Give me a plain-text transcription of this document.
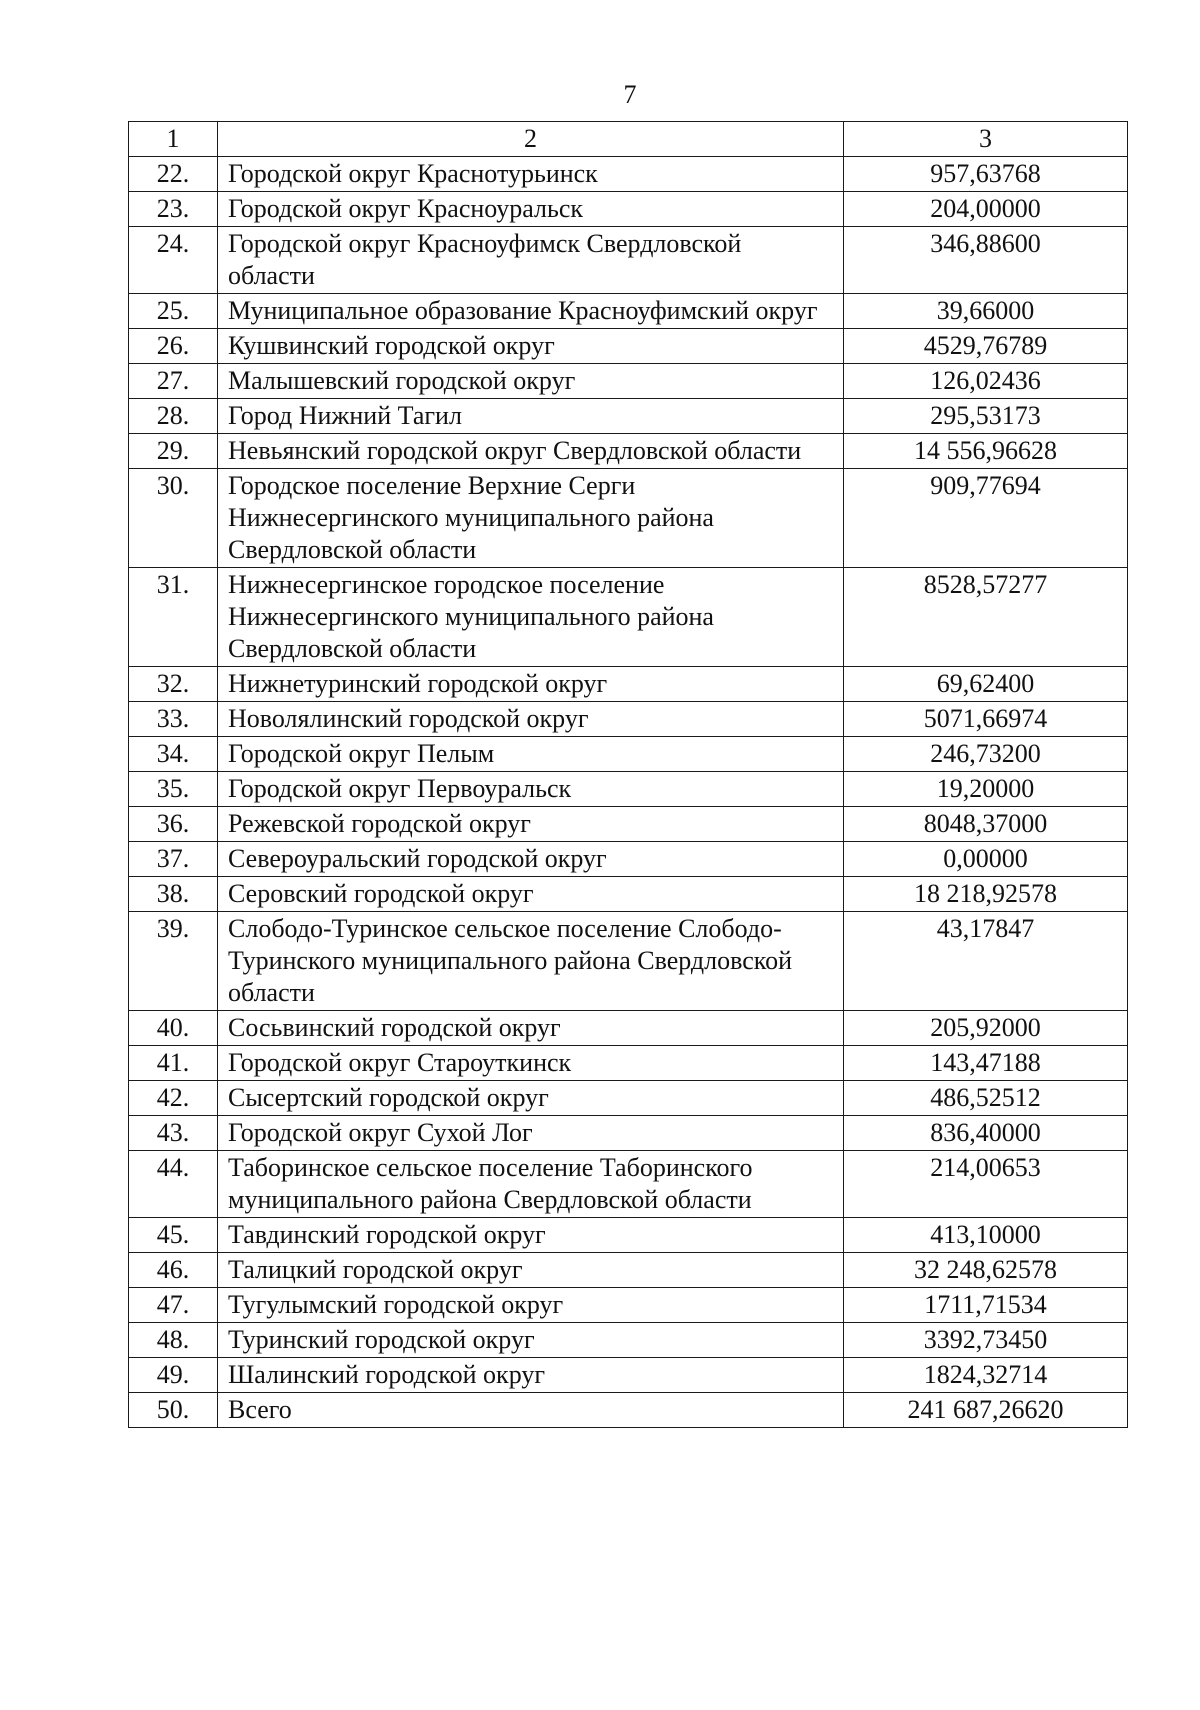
7
1	2	3
22.	Городской округ Краснотурьинск	957,63768
23.	Городской округ Красноуральск	204,00000
24.	Городской округ Красноуфимск Свердловской области	346,88600
25.	Муниципальное образование Красноуфимский округ	39,66000
26.	Кушвинский городской округ	4529,76789
27.	Малышевский городской округ	126,02436
28.	Город Нижний Тагил	295,53173
29.	Невьянский городской округ Свердловской области	14 556,96628
30.	Городское поселение Верхние Серги Нижнесергинского муниципального района Свердловской области	909,77694
31.	Нижнесергинское городское поселение Нижнесергинского муниципального района Свердловской области	8528,57277
32.	Нижнетуринский городской округ	69,62400
33.	Новолялинский городской округ	5071,66974
34.	Городской округ Пелым	246,73200
35.	Городской округ Первоуральск	19,20000
36.	Режевской городской округ	8048,37000
37.	Североуральский городской округ	0,00000
38.	Серовский городской округ	18 218,92578
39.	Слободо-Туринское сельское поселение Слободо-Туринского муниципального района Свердловской области	43,17847
40.	Сосьвинский городской округ	205,92000
41.	Городской округ Староуткинск	143,47188
42.	Сысертский городской округ	486,52512
43.	Городской округ Сухой Лог	836,40000
44.	Таборинское сельское поселение Таборинского муниципального района Свердловской области	214,00653
45.	Тавдинский городской округ	413,10000
46.	Талицкий городской округ	32 248,62578
47.	Тугулымский городской округ	1711,71534
48.	Туринский городской округ	3392,73450
49.	Шалинский городской округ	1824,32714
50.	Всего	241 687,26620
